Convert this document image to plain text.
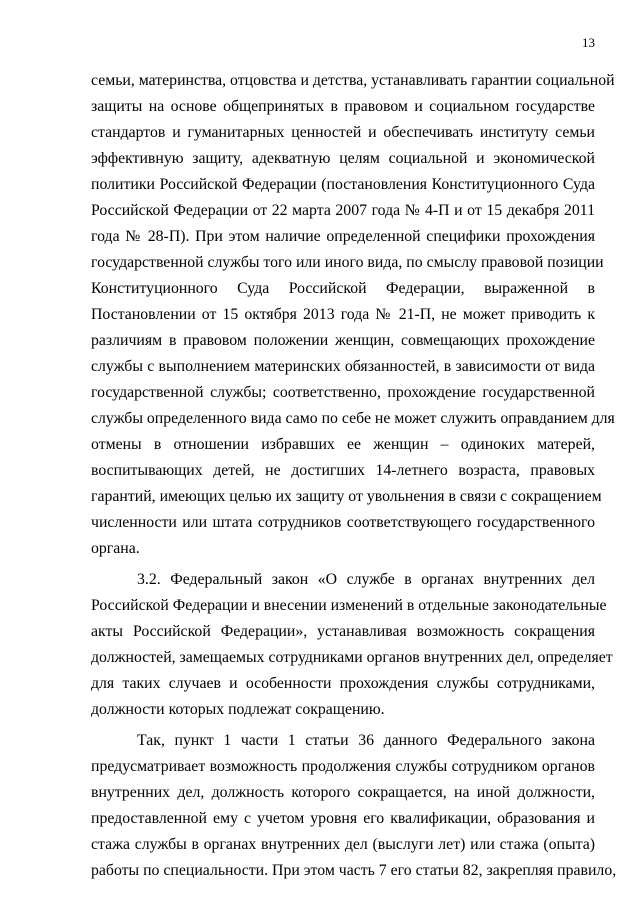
13
семьи, материнства, отцовства и детства, устанавливать гарантии социальной
защиты на основе общепринятых в правовом и социальном государстве
стандартов и гуманитарных ценностей и обеспечивать институту семьи
эффективную защиту, адекватную целям социальной и экономической
политики Российской Федерации (постановления Конституционного Суда
Российской Федерации от 22 марта 2007 года № 4-П и от 15 декабря 2011
года № 28-П). При этом наличие определенной специфики прохождения
государственной службы того или иного вида, по смыслу правовой позиции
Конституционного Суда Российской Федерации, выраженной в
Постановлении от 15 октября 2013 года № 21-П, не может приводить к
различиям в правовом положении женщин, совмещающих прохождение
службы с выполнением материнских обязанностей, в зависимости от вида
государственной службы; соответственно, прохождение государственной
службы определенного вида само по себе не может служить оправданием для
отмены в отношении избравших ее женщин – одиноких матерей,
воспитывающих детей, не достигших 14-летнего возраста, правовых
гарантий, имеющих целью их защиту от увольнения в связи с сокращением
численности или штата сотрудников соответствующего государственного
органа.
3.2. Федеральный закон «О службе в органах внутренних дел
Российской Федерации и внесении изменений в отдельные законодательные
акты Российской Федерации», устанавливая возможность сокращения
должностей, замещаемых сотрудниками органов внутренних дел, определяет
для таких случаев и особенности прохождения службы сотрудниками,
должности которых подлежат сокращению.
Так, пункт 1 части 1 статьи 36 данного Федерального закона
предусматривает возможность продолжения службы сотрудником органов
внутренних дел, должность которого сокращается, на иной должности,
предоставленной ему с учетом уровня его квалификации, образования и
стажа службы в органах внутренних дел (выслуги лет) или стажа (опыта)
работы по специальности. При этом часть 7 его статьи 82, закрепляя правило,
